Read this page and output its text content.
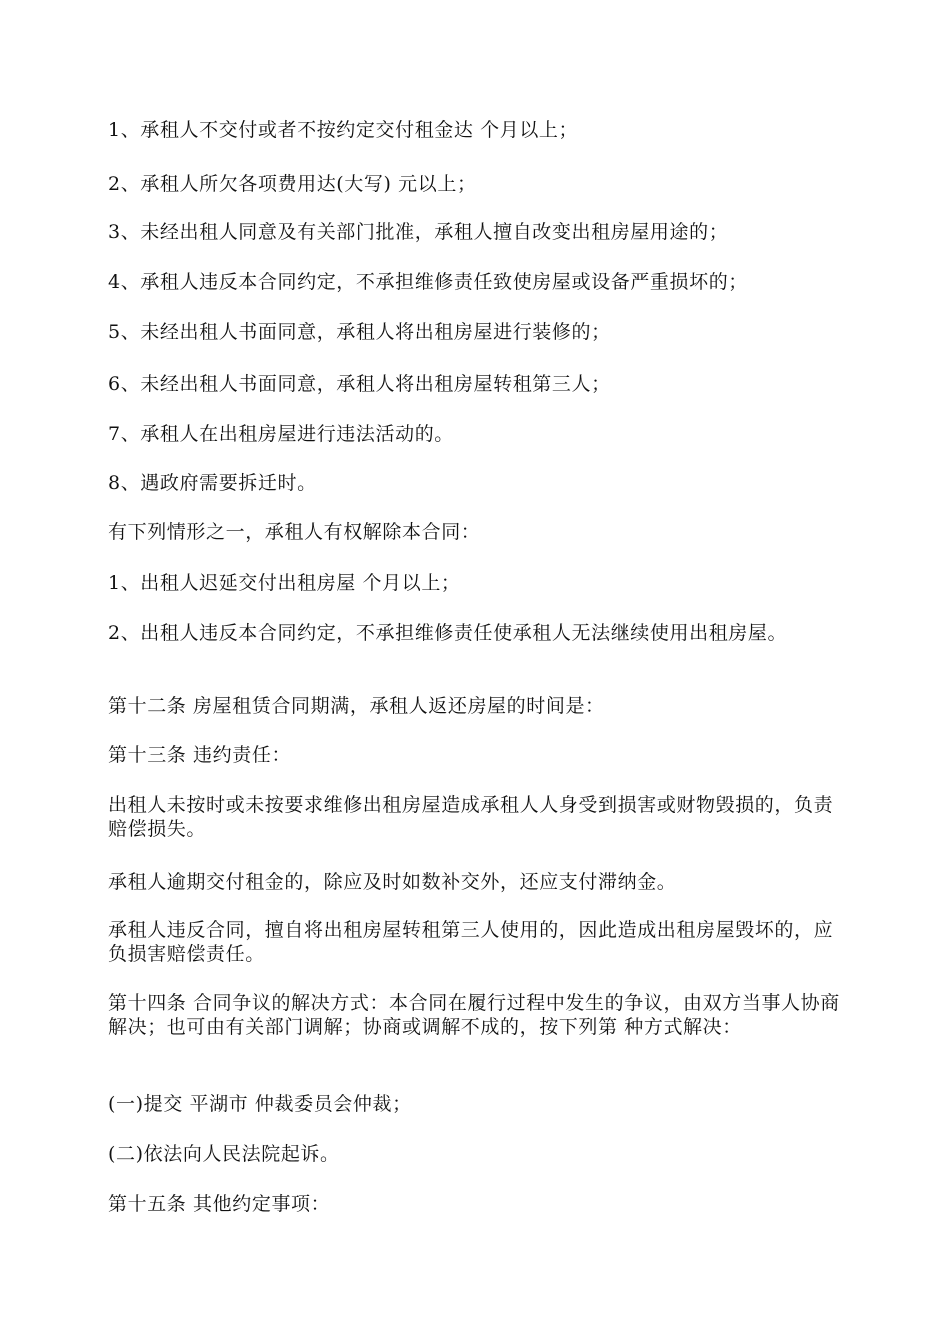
1、承租人不交付或者不按约定交付租金达 个月以上；

2、承租人所欠各项费用达(大写) 元以上；

3、未经出租人同意及有关部门批准，承租人擅自改变出租房屋用途的；

4、承租人违反本合同约定，不承担维修责任致使房屋或设备严重损坏的；

5、未经出租人书面同意，承租人将出租房屋进行装修的；

6、未经出租人书面同意，承租人将出租房屋转租第三人；

7、承租人在出租房屋进行违法活动的。

8、遇政府需要拆迁时。

有下列情形之一，承租人有权解除本合同：

1、出租人迟延交付出租房屋 个月以上；

2、出租人违反本合同约定，不承担维修责任使承租人无法继续使用出租房屋。

第十二条 房屋租赁合同期满，承租人返还房屋的时间是：

第十三条 违约责任：

出租人未按时或未按要求维修出租房屋造成承租人人身受到损害或财物毁损的，负责赔偿损失。

承租人逾期交付租金的，除应及时如数补交外，还应支付滞纳金。

承租人违反合同，擅自将出租房屋转租第三人使用的，因此造成出租房屋毁坏的，应负损害赔偿责任。

第十四条 合同争议的解决方式：本合同在履行过程中发生的争议，由双方当事人协商解决；也可由有关部门调解；协商或调解不成的，按下列第 种方式解决：

(一)提交 平湖市 仲裁委员会仲裁；

(二)依法向人民法院起诉。

第十五条 其他约定事项：
